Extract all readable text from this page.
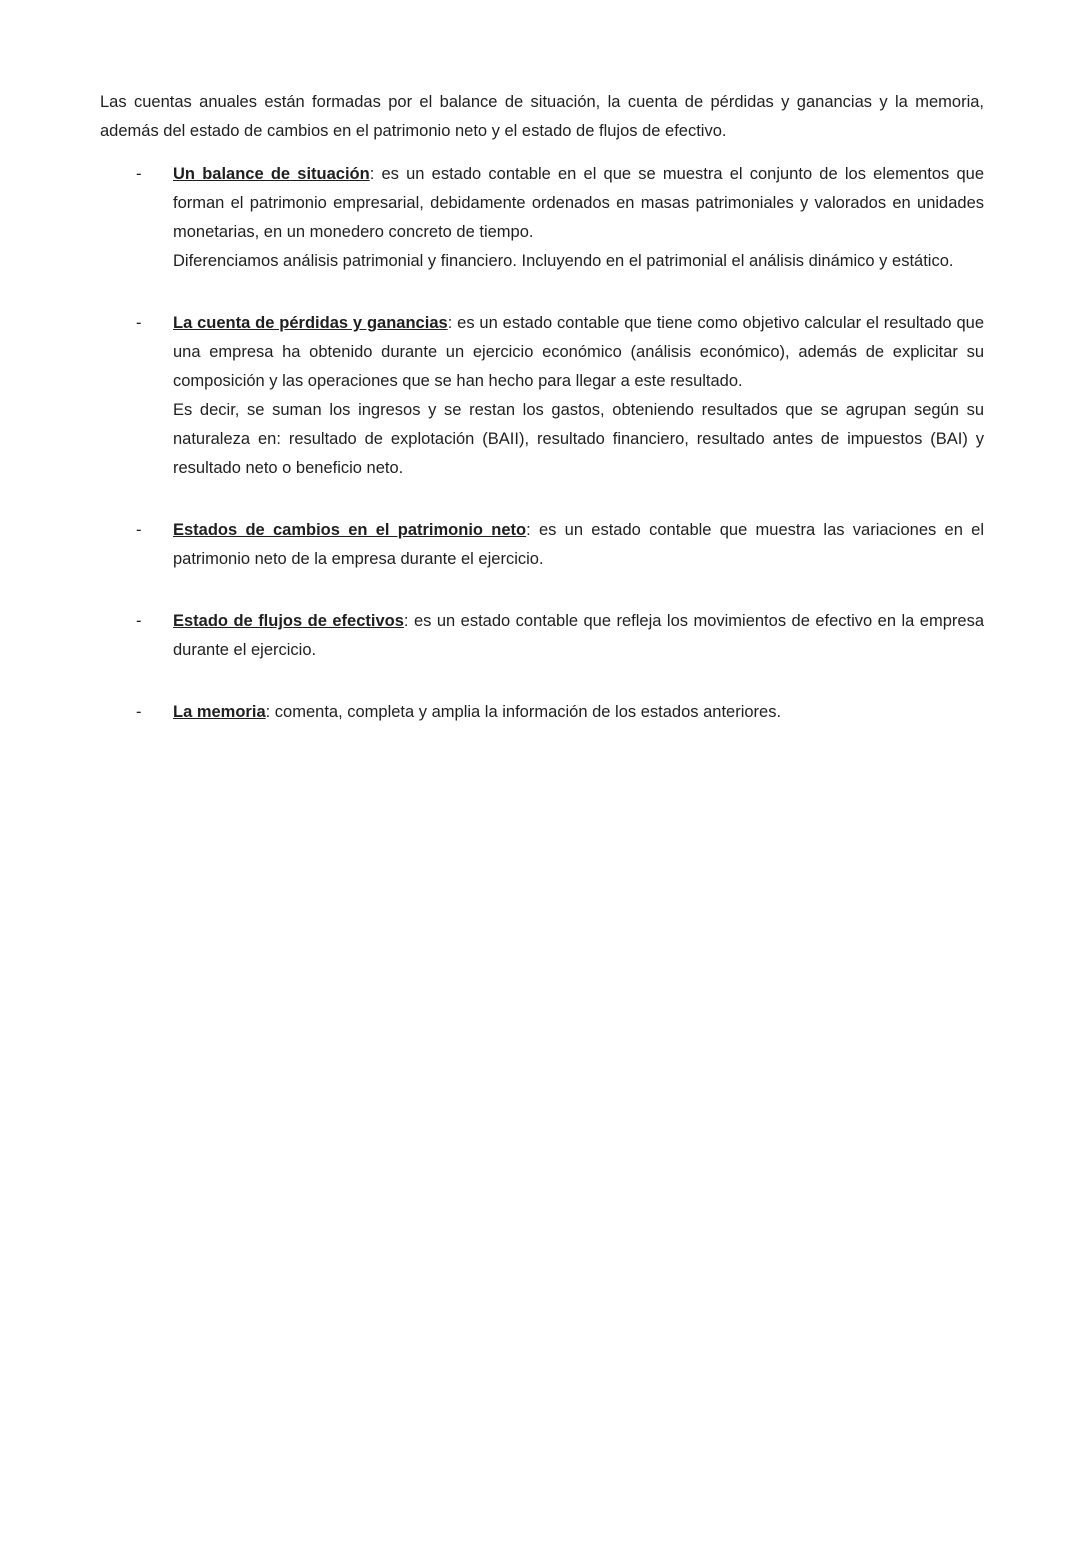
Las cuentas anuales están formadas por el balance de situación, la cuenta de pérdidas y ganancias y la memoria, además del estado de cambios en el patrimonio neto y el estado de flujos de efectivo.

-	Un balance de situación: es un estado contable en el que se muestra el conjunto de los elementos que forman el patrimonio empresarial, debidamente ordenados en masas patrimoniales y valorados en unidades monetarias, en un monedero concreto de tiempo.

Diferenciamos análisis patrimonial y financiero. Incluyendo en el patrimonial el análisis dinámico y estático.

-	La cuenta de pérdidas y ganancias: es un estado contable que tiene como objetivo calcular el resultado que una empresa ha obtenido durante un ejercicio económico (análisis económico), además de explicitar su composición y las operaciones que se han hecho para llegar a este resultado.

Es decir, se suman los ingresos y se restan los gastos, obteniendo resultados que se agrupan según su naturaleza en: resultado de explotación (BAII), resultado financiero, resultado antes de impuestos (BAI) y resultado neto o beneficio neto.

-	Estados de cambios en el patrimonio neto: es un estado contable que muestra las variaciones en el patrimonio neto de la empresa durante el ejercicio.

-	Estado de flujos de efectivos: es un estado contable que refleja los movimientos de efectivo en la empresa durante el ejercicio.

-	La memoria: comenta, completa y amplia la información de los estados anteriores.
